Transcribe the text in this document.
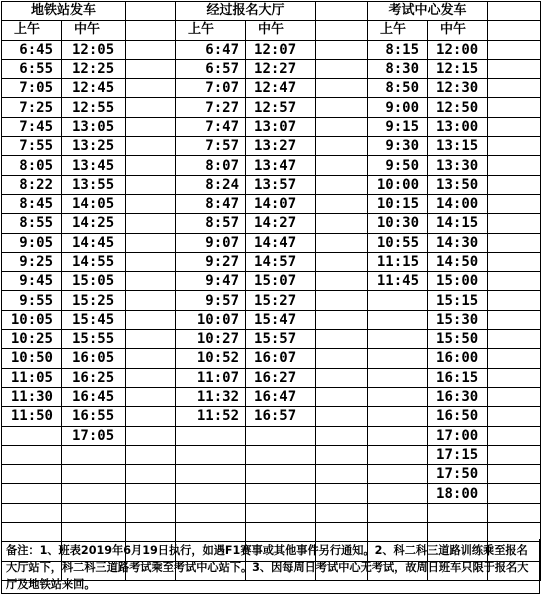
地铁站发车			经过报名大厅			考试中心发车		
上午	中午		上午	中午		上午	中午	
6:45	12:05		6:47	12:07		8:15	12:00	
6:55	12:25		6:57	12:27		8:30	12:15	
7:05	12:45		7:07	12:47		8:50	12:30	
7:25	12:55		7:27	12:57		9:00	12:50	
7:45	13:05		7:47	13:07		9:15	13:00	
7:55	13:25		7:57	13:27		9:30	13:15	
8:05	13:45		8:07	13:47		9:50	13:30	
8:22	13:55		8:24	13:57		10:00	13:50	
8:45	14:05		8:47	14:07		10:15	14:00	
8:55	14:25		8:57	14:27		10:30	14:15	
9:05	14:45		9:07	14:47		10:55	14:30	
9:25	14:55		9:27	14:57		11:15	14:50	
9:45	15:05		9:47	15:07		11:45	15:00	
9:55	15:25		9:57	15:27			15:15	
10:05	15:45		10:07	15:47			15:30	
10:25	15:55		10:27	15:57			15:50	
10:50	16:05		10:52	16:07			16:00	
11:05	16:25		11:07	16:27			16:15	
11:30	16:45		11:32	16:47			16:30	
11:50	16:55		11:52	16:57			16:50	
	17:05						17:00	
							17:15	
							17:50	
							18:00	

备注：1、班表2019年6月19日执行，如遇F1赛事或其他事件另行通知。2、科二科三道路训练乘至报名大厅站下，科二科三道路考试乘至考试中心站下。3、因每周日考试中心无考试，故周日班车只限于报名大厅及地铁站来回。
